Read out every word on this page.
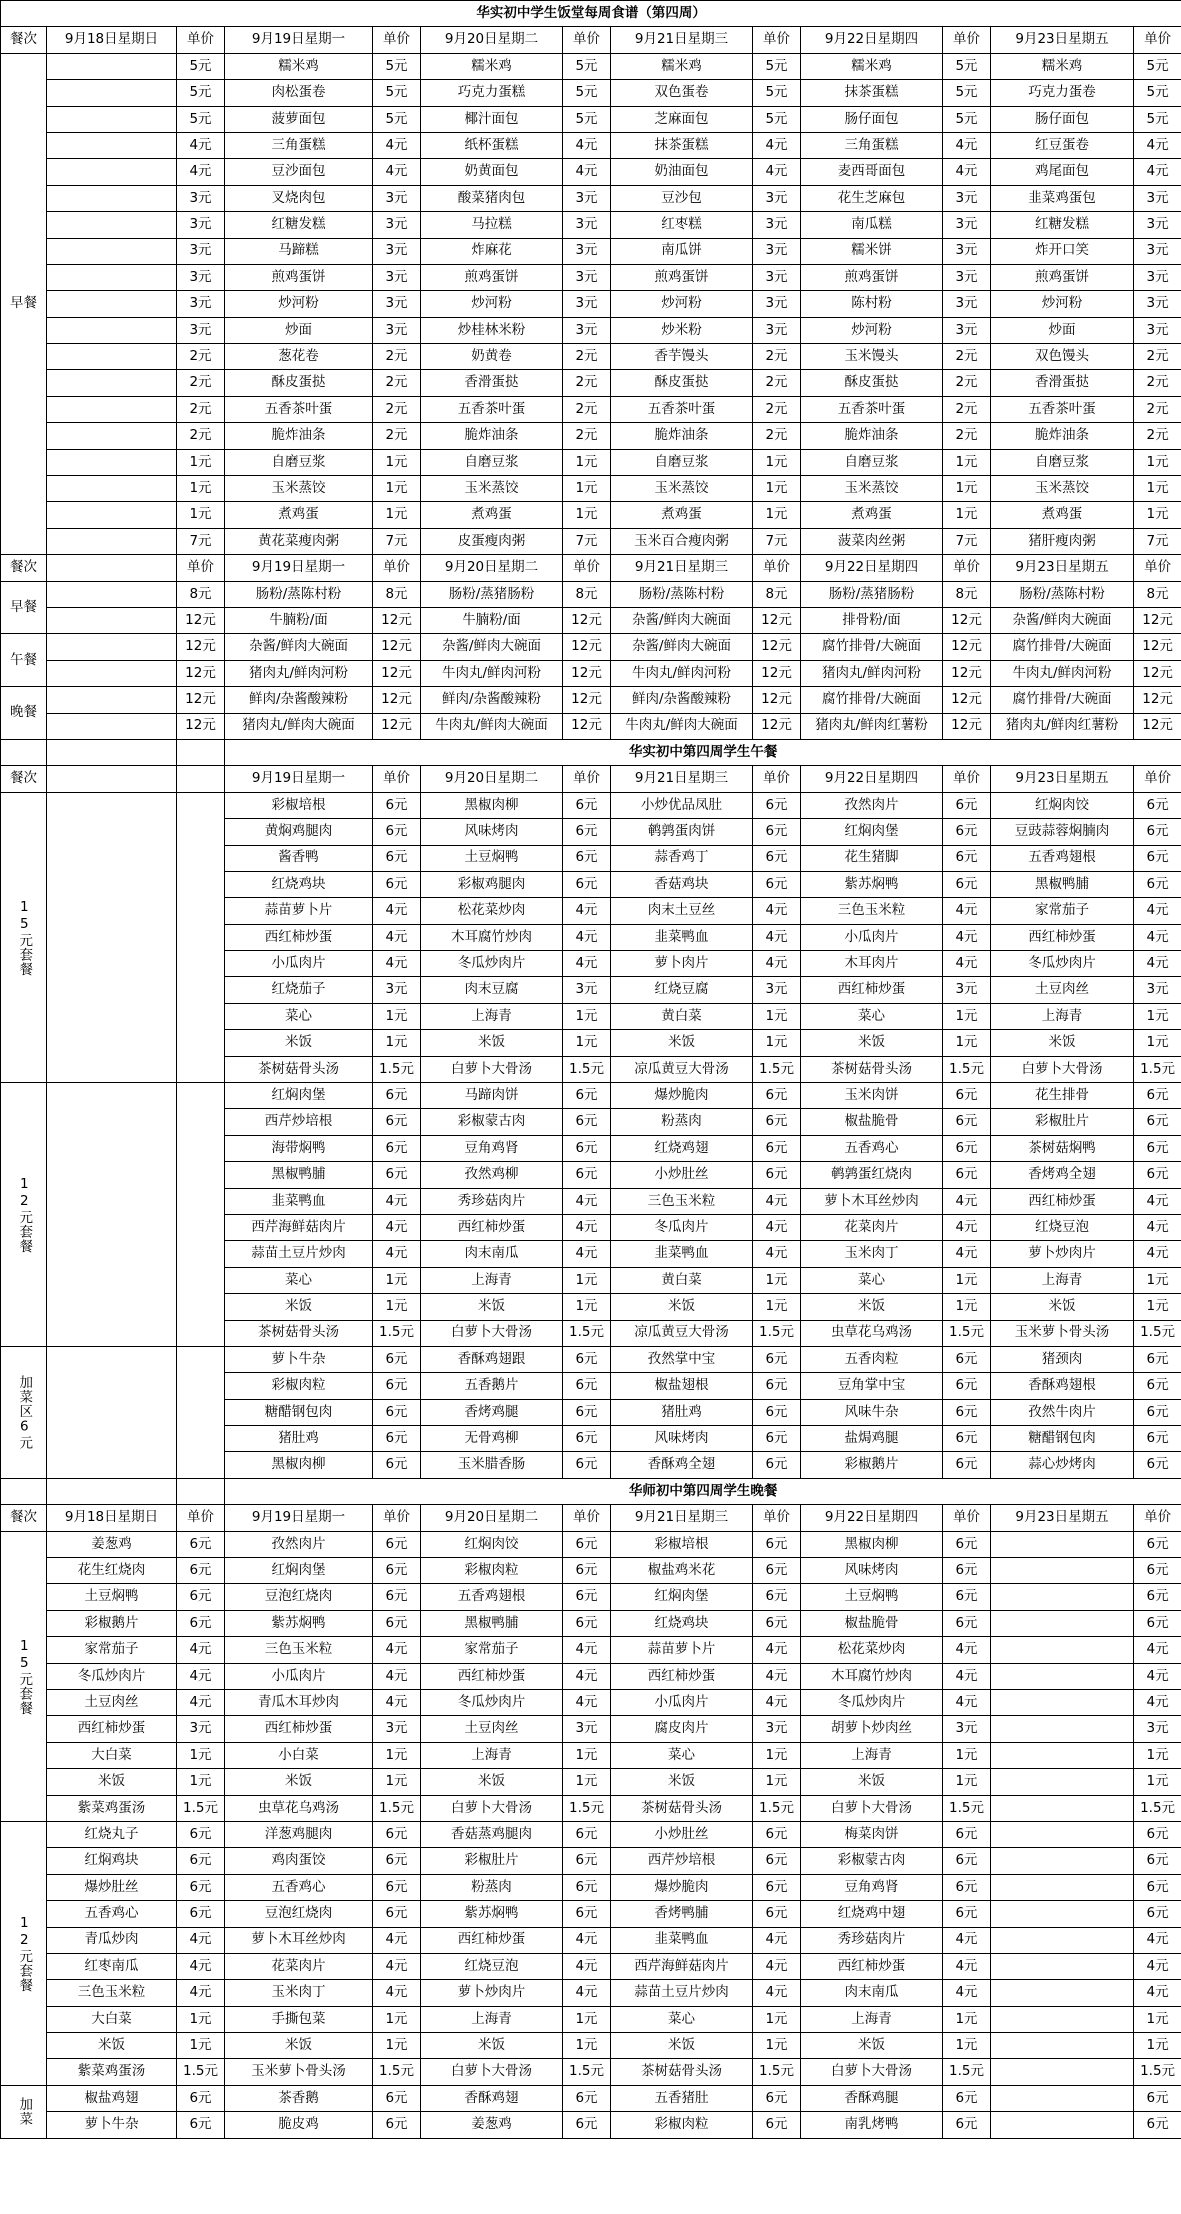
华实初中学生饭堂每周食谱（第四周）												
餐次	9月18日星期日	单价	9月19日星期一	单价	9月20日星期二	单价	9月21日星期三	单价	9月22日星期四	单价	9月23日星期五	单价
早餐		5元	糯米鸡	5元	糯米鸡	5元	糯米鸡	5元	糯米鸡	5元	糯米鸡	5元
		5元	肉松蛋卷	5元	巧克力蛋糕	5元	双色蛋卷	5元	抹茶蛋糕	5元	巧克力蛋卷	5元
		5元	菠萝面包	5元	椰汁面包	5元	芝麻面包	5元	肠仔面包	5元	肠仔面包	5元
		4元	三角蛋糕	4元	纸杯蛋糕	4元	抹茶蛋糕	4元	三角蛋糕	4元	红豆蛋卷	4元
		4元	豆沙面包	4元	奶黄面包	4元	奶油面包	4元	麦西哥面包	4元	鸡尾面包	4元
		3元	叉烧肉包	3元	酸菜猪肉包	3元	豆沙包	3元	花生芝麻包	3元	韭菜鸡蛋包	3元
		3元	红糖发糕	3元	马拉糕	3元	红枣糕	3元	南瓜糕	3元	红糖发糕	3元
		3元	马蹄糕	3元	炸麻花	3元	南瓜饼	3元	糯米饼	3元	炸开口笑	3元
		3元	煎鸡蛋饼	3元	煎鸡蛋饼	3元	煎鸡蛋饼	3元	煎鸡蛋饼	3元	煎鸡蛋饼	3元
		3元	炒河粉	3元	炒河粉	3元	炒河粉	3元	陈村粉	3元	炒河粉	3元
		3元	炒面	3元	炒桂林米粉	3元	炒米粉	3元	炒河粉	3元	炒面	3元
		2元	葱花卷	2元	奶黄卷	2元	香芋馒头	2元	玉米馒头	2元	双色馒头	2元
		2元	酥皮蛋挞	2元	香滑蛋挞	2元	酥皮蛋挞	2元	酥皮蛋挞	2元	香滑蛋挞	2元
		2元	五香茶叶蛋	2元	五香茶叶蛋	2元	五香茶叶蛋	2元	五香茶叶蛋	2元	五香茶叶蛋	2元
		2元	脆炸油条	2元	脆炸油条	2元	脆炸油条	2元	脆炸油条	2元	脆炸油条	2元
		1元	自磨豆浆	1元	自磨豆浆	1元	自磨豆浆	1元	自磨豆浆	1元	自磨豆浆	1元
		1元	玉米蒸饺	1元	玉米蒸饺	1元	玉米蒸饺	1元	玉米蒸饺	1元	玉米蒸饺	1元
		1元	煮鸡蛋	1元	煮鸡蛋	1元	煮鸡蛋	1元	煮鸡蛋	1元	煮鸡蛋	1元
		7元	黄花菜瘦肉粥	7元	皮蛋瘦肉粥	7元	玉米百合瘦肉粥	7元	菠菜肉丝粥	7元	猪肝瘦肉粥	7元
餐次		单价	9月19日星期一	单价	9月20日星期二	单价	9月21日星期三	单价	9月22日星期四	单价	9月23日星期五	单价
早餐		8元	肠粉/蒸陈村粉	8元	肠粉/蒸猪肠粉	8元	肠粉/蒸陈村粉	8元	肠粉/蒸猪肠粉	8元	肠粉/蒸陈村粉	8元
		12元	牛腩粉/面	12元	牛腩粉/面	12元	杂酱/鲜肉大碗面	12元	排骨粉/面	12元	杂酱/鲜肉大碗面	12元
午餐		12元	杂酱/鲜肉大碗面	12元	杂酱/鲜肉大碗面	12元	杂酱/鲜肉大碗面	12元	腐竹排骨/大碗面	12元	腐竹排骨/大碗面	12元
		12元	猪肉丸/鲜肉河粉	12元	牛肉丸/鲜肉河粉	12元	牛肉丸/鲜肉河粉	12元	猪肉丸/鲜肉河粉	12元	牛肉丸/鲜肉河粉	12元
晚餐		12元	鲜肉/杂酱酸辣粉	12元	鲜肉/杂酱酸辣粉	12元	鲜肉/杂酱酸辣粉	12元	腐竹排骨/大碗面	12元	腐竹排骨/大碗面	12元
		12元	猪肉丸/鲜肉大碗面	12元	牛肉丸/鲜肉大碗面	12元	牛肉丸/鲜肉大碗面	12元	猪肉丸/鲜肉红薯粉	12元	猪肉丸/鲜肉红薯粉	12元
			华实初中第四周学生午餐									
餐次			9月19日星期一	单价	9月20日星期二	单价	9月21日星期三	单价	9月22日星期四	单价	9月23日星期五	单价
15元套餐			彩椒培根	6元	黑椒肉柳	6元	小炒优品凤肚	6元	孜然肉片	6元	红焖肉饺	6元
			黄焖鸡腿肉	6元	风味烤肉	6元	鹌鹑蛋肉饼	6元	红焖肉堡	6元	豆豉蒜蓉焖腩肉	6元
			酱香鸭	6元	土豆焖鸭	6元	蒜香鸡丁	6元	花生猪脚	6元	五香鸡翅根	6元
			红烧鸡块	6元	彩椒鸡腿肉	6元	香菇鸡块	6元	紫苏焖鸭	6元	黑椒鸭脯	6元
			蒜苗萝卜片	4元	松花菜炒肉	4元	肉末土豆丝	4元	三色玉米粒	4元	家常茄子	4元
			西红柿炒蛋	4元	木耳腐竹炒肉	4元	韭菜鸭血	4元	小瓜肉片	4元	西红柿炒蛋	4元
			小瓜肉片	4元	冬瓜炒肉片	4元	萝卜肉片	4元	木耳肉片	4元	冬瓜炒肉片	4元
			红烧茄子	3元	肉末豆腐	3元	红烧豆腐	3元	西红柿炒蛋	3元	土豆肉丝	3元
			菜心	1元	上海青	1元	黄白菜	1元	菜心	1元	上海青	1元
			米饭	1元	米饭	1元	米饭	1元	米饭	1元	米饭	1元
			茶树菇骨头汤	1.5元	白萝卜大骨汤	1.5元	凉瓜黄豆大骨汤	1.5元	茶树菇骨头汤	1.5元	白萝卜大骨汤	1.5元
12元套餐			红焖肉堡	6元	马蹄肉饼	6元	爆炒脆肉	6元	玉米肉饼	6元	花生排骨	6元
			西芹炒培根	6元	彩椒蒙古肉	6元	粉蒸肉	6元	椒盐脆骨	6元	彩椒肚片	6元
			海带焖鸭	6元	豆角鸡肾	6元	红烧鸡翅	6元	五香鸡心	6元	茶树菇焖鸭	6元
			黑椒鸭脯	6元	孜然鸡柳	6元	小炒肚丝	6元	鹌鹑蛋红烧肉	6元	香烤鸡全翅	6元
			韭菜鸭血	4元	秀珍菇肉片	4元	三色玉米粒	4元	萝卜木耳丝炒肉	4元	西红柿炒蛋	4元
			西芹海鲜菇肉片	4元	西红柿炒蛋	4元	冬瓜肉片	4元	花菜肉片	4元	红烧豆泡	4元
			蒜苗土豆片炒肉	4元	肉末南瓜	4元	韭菜鸭血	4元	玉米肉丁	4元	萝卜炒肉片	4元
			菜心	1元	上海青	1元	黄白菜	1元	菜心	1元	上海青	1元
			米饭	1元	米饭	1元	米饭	1元	米饭	1元	米饭	1元
			茶树菇骨头汤	1.5元	白萝卜大骨汤	1.5元	凉瓜黄豆大骨汤	1.5元	虫草花乌鸡汤	1.5元	玉米萝卜骨头汤	1.5元
加菜区6元			萝卜牛杂	6元	香酥鸡翅跟	6元	孜然掌中宝	6元	五香肉粒	6元	猪颈肉	6元
			彩椒肉粒	6元	五香鹅片	6元	椒盐翅根	6元	豆角掌中宝	6元	香酥鸡翅根	6元
			糖醋钢包肉	6元	香烤鸡腿	6元	猪肚鸡	6元	风味牛杂	6元	孜然牛肉片	6元
			猪肚鸡	6元	无骨鸡柳	6元	风味烤肉	6元	盐焗鸡腿	6元	糖醋钢包肉	6元
			黑椒肉柳	6元	玉米腊香肠	6元	香酥鸡全翅	6元	彩椒鹅片	6元	蒜心炒烤肉	6元
			华师初中第四周学生晚餐									
餐次	9月18日星期日	单价	9月19日星期一	单价	9月20日星期二	单价	9月21日星期三	单价	9月22日星期四	单价	9月23日星期五	单价
15元套餐	姜葱鸡	6元	孜然肉片	6元	红焖肉饺	6元	彩椒培根	6元	黑椒肉柳	6元		6元
	花生红烧肉	6元	红焖肉堡	6元	彩椒肉粒	6元	椒盐鸡米花	6元	风味烤肉	6元		6元
	土豆焖鸭	6元	豆泡红烧肉	6元	五香鸡翅根	6元	红焖肉堡	6元	土豆焖鸭	6元		6元
	彩椒鹅片	6元	紫苏焖鸭	6元	黑椒鸭脯	6元	红烧鸡块	6元	椒盐脆骨	6元		6元
	家常茄子	4元	三色玉米粒	4元	家常茄子	4元	蒜苗萝卜片	4元	松花菜炒肉	4元		4元
	冬瓜炒肉片	4元	小瓜肉片	4元	西红柿炒蛋	4元	西红柿炒蛋	4元	木耳腐竹炒肉	4元		4元
	土豆肉丝	4元	青瓜木耳炒肉	4元	冬瓜炒肉片	4元	小瓜肉片	4元	冬瓜炒肉片	4元		4元
	西红柿炒蛋	3元	西红柿炒蛋	3元	土豆肉丝	3元	腐皮肉片	3元	胡萝卜炒肉丝	3元		3元
	大白菜	1元	小白菜	1元	上海青	1元	菜心	1元	上海青	1元		1元
	米饭	1元	米饭	1元	米饭	1元	米饭	1元	米饭	1元		1元
	紫菜鸡蛋汤	1.5元	虫草花乌鸡汤	1.5元	白萝卜大骨汤	1.5元	茶树菇骨头汤	1.5元	白萝卜大骨汤	1.5元		1.5元
12元套餐	红烧丸子	6元	洋葱鸡腿肉	6元	香菇蒸鸡腿肉	6元	小炒肚丝	6元	梅菜肉饼	6元		6元
	红焖鸡块	6元	鸡肉蛋饺	6元	彩椒肚片	6元	西芹炒培根	6元	彩椒蒙古肉	6元		6元
	爆炒肚丝	6元	五香鸡心	6元	粉蒸肉	6元	爆炒脆肉	6元	豆角鸡肾	6元		6元
	五香鸡心	6元	豆泡红烧肉	6元	紫苏焖鸭	6元	香烤鸭脯	6元	红烧鸡中翅	6元		6元
	青瓜炒肉	4元	萝卜木耳丝炒肉	4元	西红柿炒蛋	4元	韭菜鸭血	4元	秀珍菇肉片	4元		4元
	红枣南瓜	4元	花菜肉片	4元	红烧豆泡	4元	西芹海鲜菇肉片	4元	西红柿炒蛋	4元		4元
	三色玉米粒	4元	玉米肉丁	4元	萝卜炒肉片	4元	蒜苗土豆片炒肉	4元	肉末南瓜	4元		4元
	大白菜	1元	手撕包菜	1元	上海青	1元	菜心	1元	上海青	1元		1元
	米饭	1元	米饭	1元	米饭	1元	米饭	1元	米饭	1元		1元
	紫菜鸡蛋汤	1.5元	玉米萝卜骨头汤	1.5元	白萝卜大骨汤	1.5元	茶树菇骨头汤	1.5元	白萝卜大骨汤	1.5元		1.5元
加菜	椒盐鸡翅	6元	茶香鹅	6元	香酥鸡翅	6元	五香猪肚	6元	香酥鸡腿	6元		6元
	萝卜牛杂	6元	脆皮鸡	6元	姜葱鸡	6元	彩椒肉粒	6元	南乳烤鸭	6元		6元
